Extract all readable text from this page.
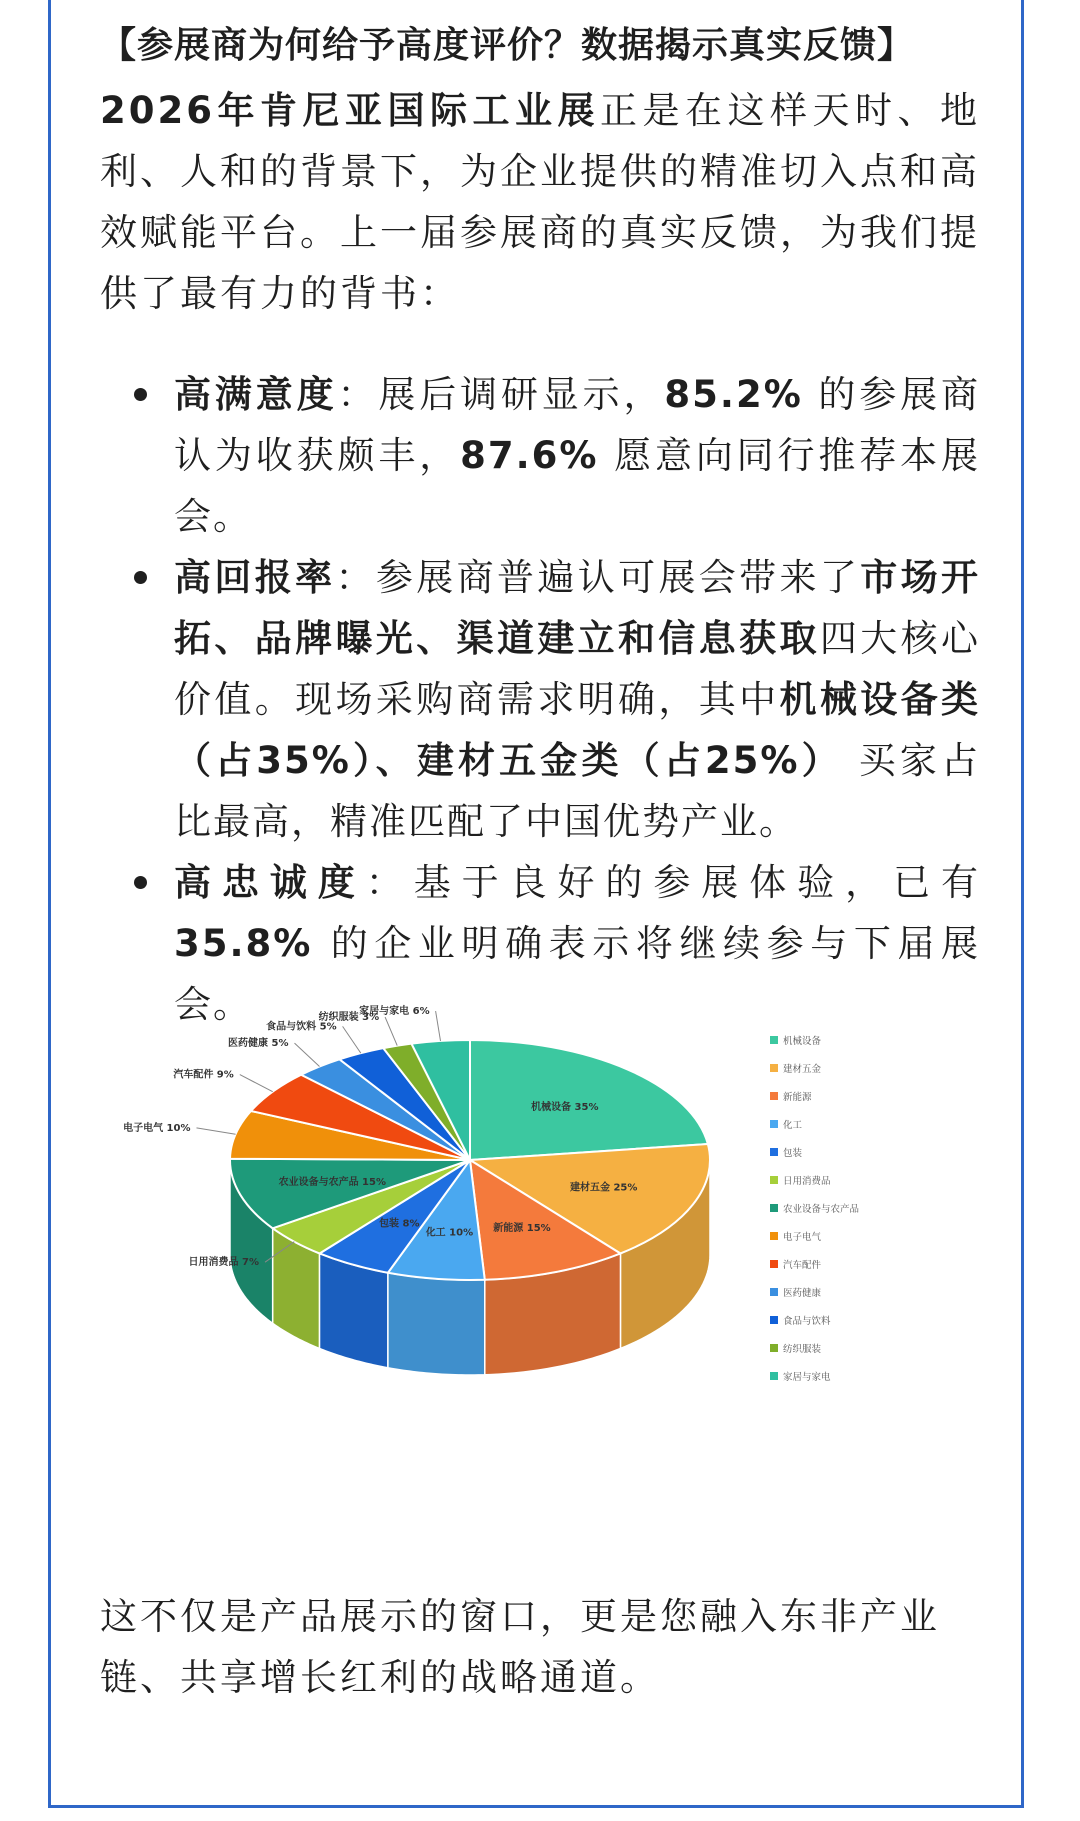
【参展商为何给予高度评价？数据揭示真实反馈】
2026年肯尼亚国际工业展正是在这样天时、地利、人和的背景下，为企业提供的精准切入点和高效赋能平台。上一届参展商的真实反馈，为我们提供了最有力的背书：
高满意度：展后调研显示，85.2% 的参展商认为收获颇丰，87.6% 愿意向同行推荐本展会。
高回报率：参展商普遍认可展会带来了市场开拓、品牌曝光、渠道建立和信息获取四大核心价值。现场采购商需求明确，其中机械设备类（占35%）、建材五金类（占25%） 买家占比最高，精准匹配了中国优势产业。
高忠诚度：基于良好的参展体验，已有 35.8% 的企业明确表示将继续参与下届展会。
机械设备 35%
建材五金 25%
新能源 15%
化工 10%
包装 8%
日用消费品 7%
农业设备与农产品 15%
电子电气 10%
汽车配件 9%
医药健康 5%
食品与饮料 5%
纺织服装 3%
家居与家电 6%
机械设备
建材五金
新能源
化工
包装
日用消费品
农业设备与农产品
电子电气
汽车配件
医药健康
食品与饮料
纺织服装
家居与家电
这不仅是产品展示的窗口，更是您融入东非产业链、共享增长红利的战略通道。
